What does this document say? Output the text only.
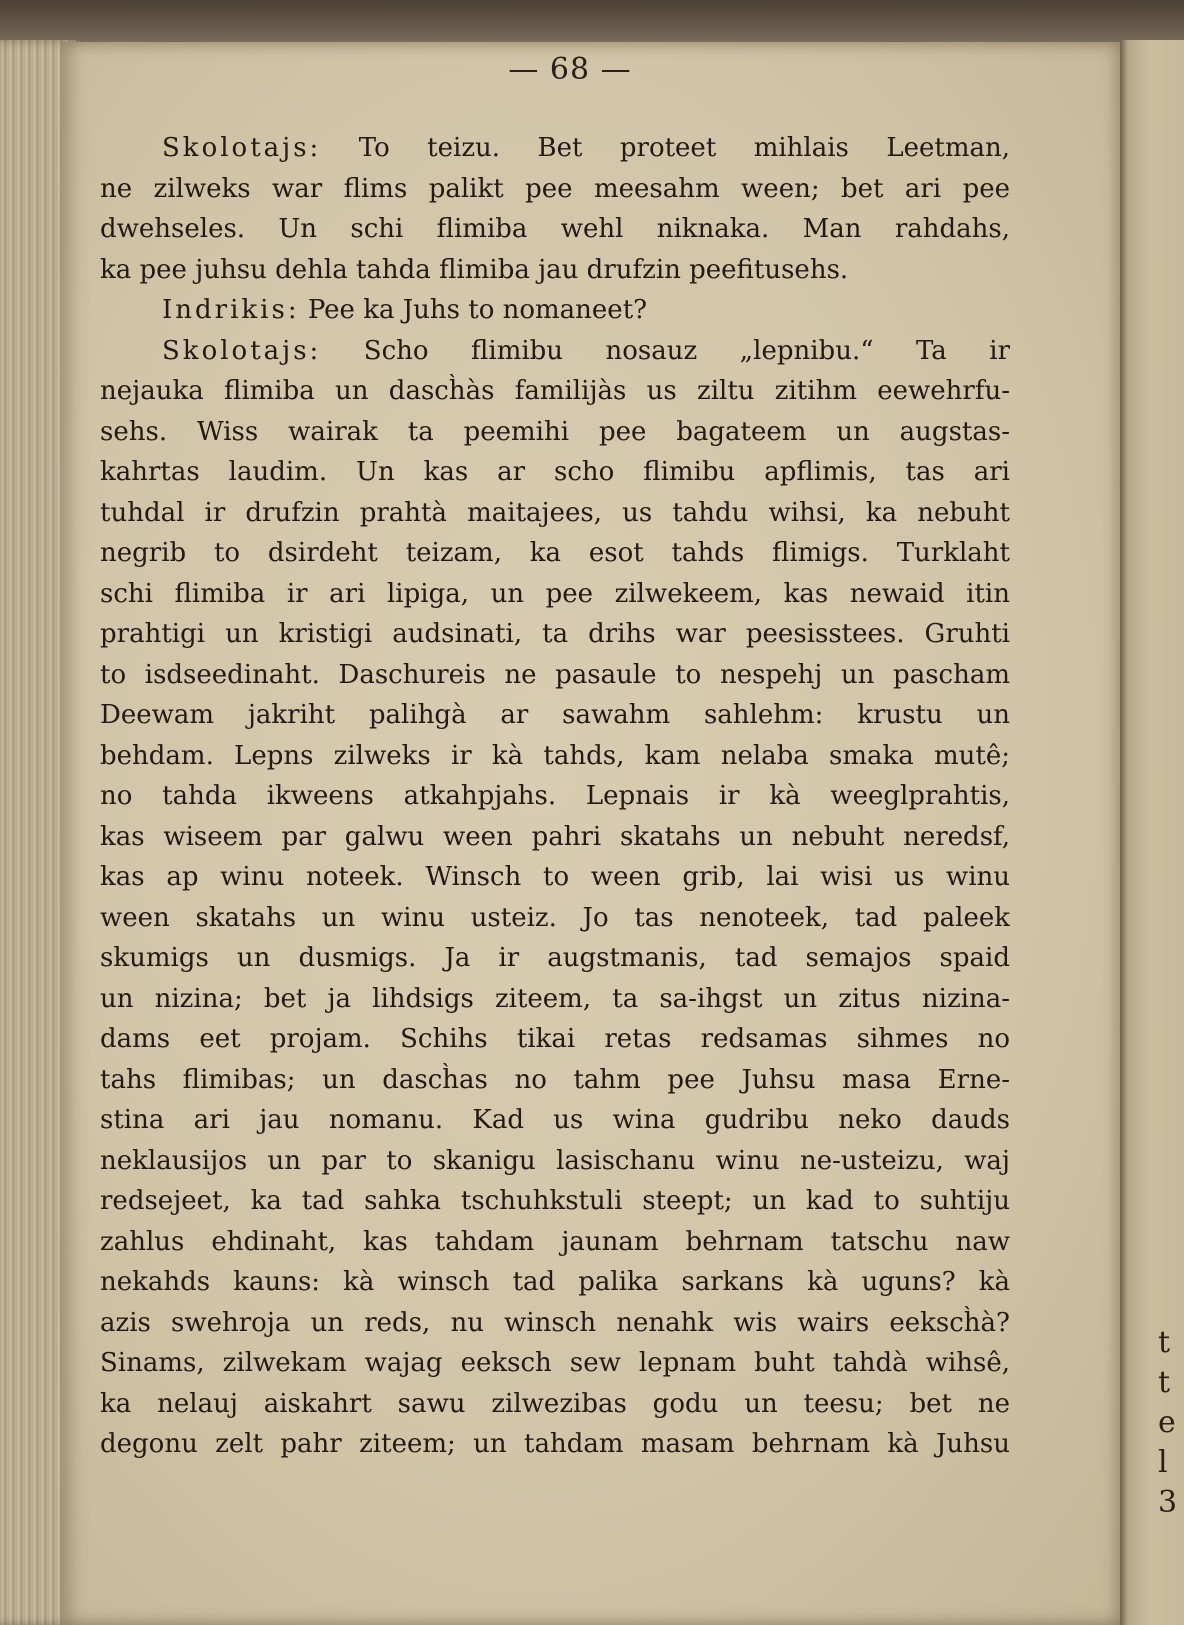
t
t
e
l
3
— 68 —
Skolotajs: To teizu. Bet proteet mihlais Leetman,
ne zilweks war flims palikt pee meesahm ween; bet ari pee
dwehseles. Un schi flimiba wehl niknaka. Man rahdahs,
ka pee juhsu dehla tahda flimiba jau drufzin peefitusehs.
Indrikis: Pee ka Juhs to nomaneet?
Skolotajs: Scho flimibu nosauz „lepnibu.“ Ta ir
nejauka flimiba un dasch̀às familijàs us ziltu zitihm eewehrfu-
sehs. Wiss wairak ta peemihi pee bagateem un augstas-
kahrtas laudim. Un kas ar scho flimibu apflimis, tas ari
tuhdal ir drufzin prahtà maitajees, us tahdu wihsi, ka nebuht
negrib to dsirdeht teizam, ka esot tahds flimigs. Turklaht
schi flimiba ir ari lipiga, un pee zilwekeem, kas newaid itin
prahtigi un kristigi audsinati, ta drihs war peesisstees. Gruhti
to isdseedinaht. Daschureis ne pasaule to nespehj un pascham
Deewam jakriht palihgà ar sawahm sahlehm: krustu un
behdam. Lepns zilweks ir kà tahds, kam nelaba smaka mutê;
no tahda ikweens atkahpjahs. Lepnais ir kà weeglprahtis,
kas wiseem par galwu ween pahri skatahs un nebuht neredsf,
kas ap winu noteek. Winsch to ween grib, lai wisi us winu
ween skatahs un winu usteiz. Jo tas nenoteek, tad paleek
skumigs un dusmigs. Ja ir augstmanis, tad semajos spaid
un nizina; bet ja lihdsigs ziteem, ta sa-ihgst un zitus nizina-
dams eet projam. Schihs tikai retas redsamas sihmes no
tahs flimibas; un dasch̀as no tahm pee Juhsu masa Erne-
stina ari jau nomanu. Kad us wina gudribu neko dauds
neklausijos un par to skanigu lasischanu winu ne-usteizu, waj
redsejeet, ka tad sahka tschuhkstuli steept; un kad to suhtiju
zahlus ehdinaht, kas tahdam jaunam behrnam tatschu naw
nekahds kauns: kà winsch tad palika sarkans kà uguns? kà
azis swehroja un reds, nu winsch nenahk wis wairs eeksch̀à?
Sinams, zilwekam wajag eeksch sew lepnam buht tahdà wihsê,
ka nelauj aiskahrt sawu zilwezibas godu un teesu; bet ne
degonu zelt pahr ziteem; un tahdam masam behrnam kà Juhsu
